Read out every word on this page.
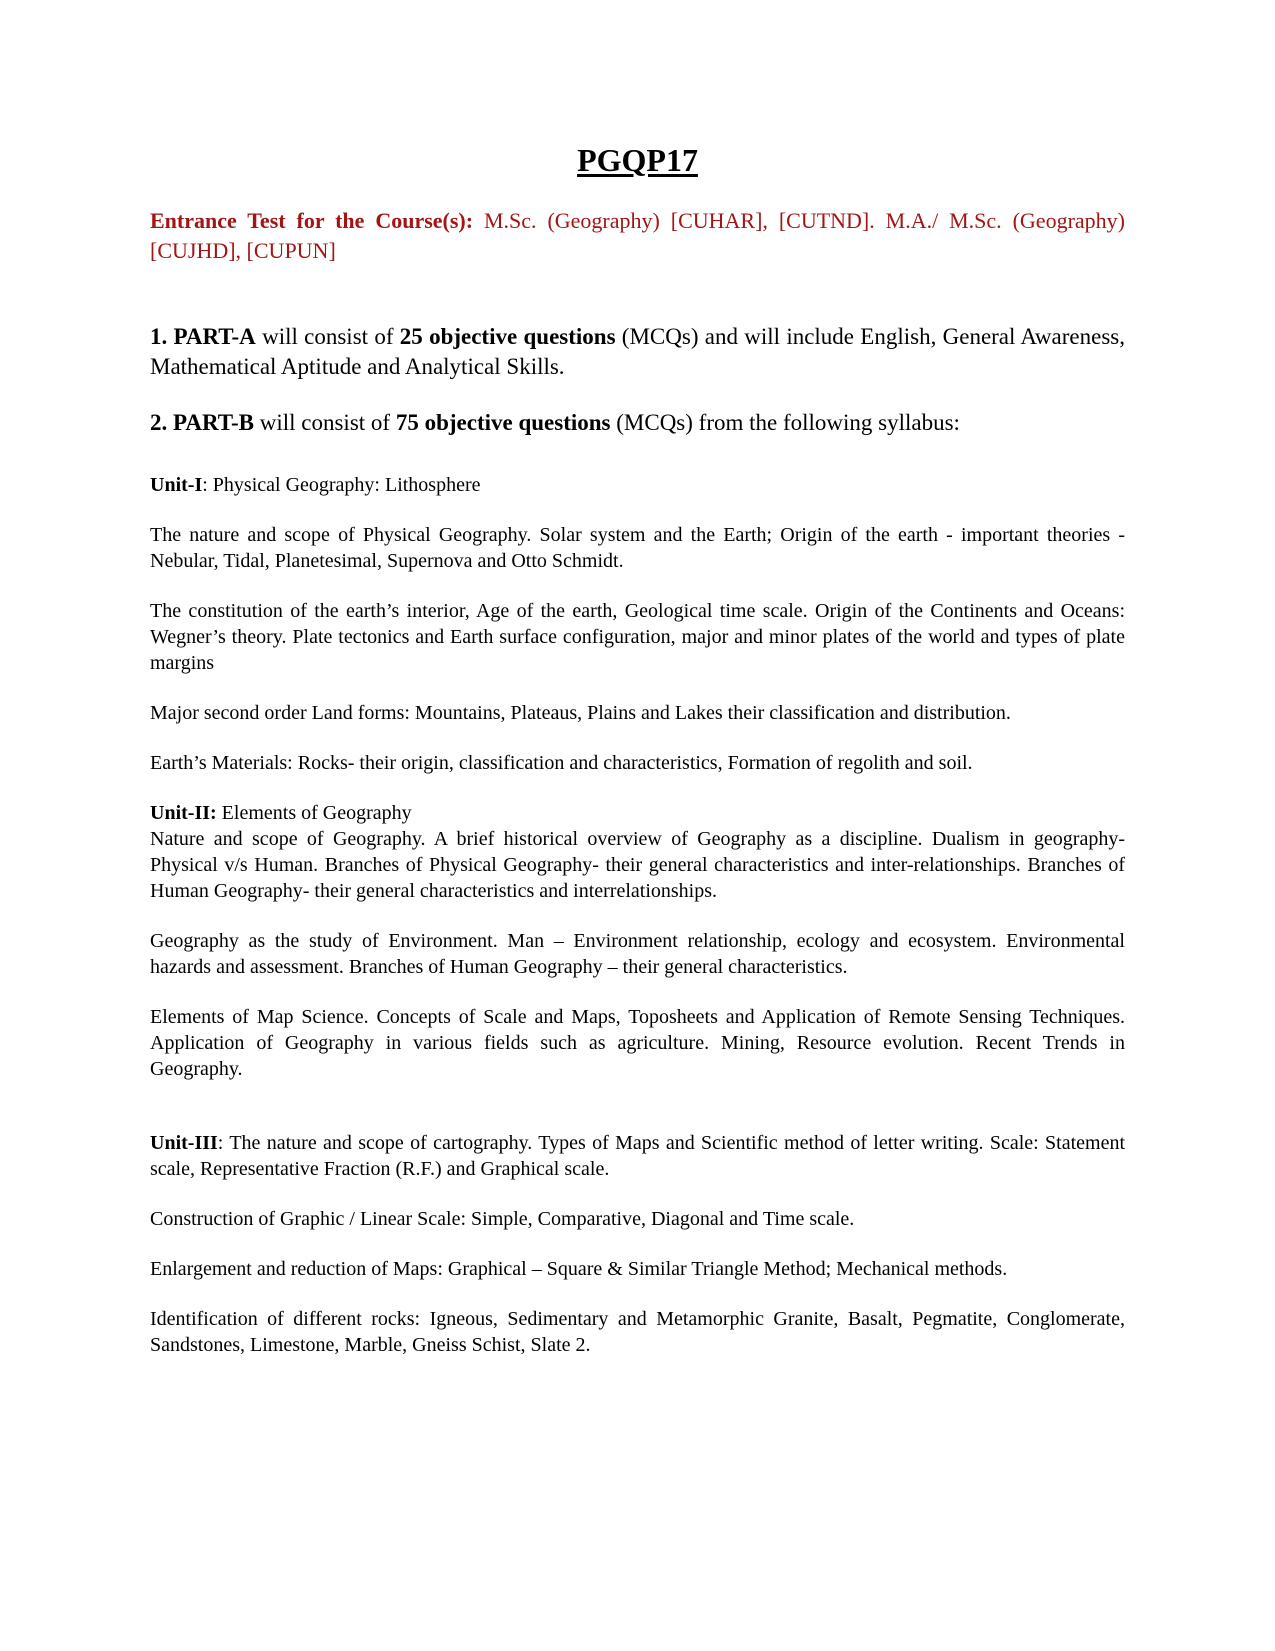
PGQP17

Entrance Test for the Course(s): M.Sc. (Geography) [CUHAR], [CUTND]. M.A./ M.Sc. (Geography) [CUJHD], [CUPUN]

1. PART-A will consist of 25 objective questions (MCQs) and will include English, General Awareness, Mathematical Aptitude and Analytical Skills.

2. PART-B will consist of 75 objective questions (MCQs) from the following syllabus:

Unit-I: Physical Geography: Lithosphere

The nature and scope of Physical Geography. Solar system and the Earth; Origin of the earth - important theories - Nebular, Tidal, Planetesimal, Supernova and Otto Schmidt.

The constitution of the earth’s interior, Age of the earth, Geological time scale. Origin of the Continents and Oceans: Wegner’s theory. Plate tectonics and Earth surface configuration, major and minor plates of the world and types of plate margins

Major second order Land forms: Mountains, Plateaus, Plains and Lakes their classification and distribution.

Earth’s Materials: Rocks- their origin, classification and characteristics, Formation of regolith and soil.

Unit-II: Elements of Geography

Nature and scope of Geography. A brief historical overview of Geography as a discipline. Dualism in geography- Physical v/s Human. Branches of Physical Geography- their general characteristics and inter-relationships. Branches of Human Geography- their general characteristics and interrelationships.

Geography as the study of Environment. Man – Environment relationship, ecology and ecosystem. Environmental hazards and assessment. Branches of Human Geography – their general characteristics.

Elements of Map Science. Concepts of Scale and Maps, Toposheets and Application of Remote Sensing Techniques. Application of Geography in various fields such as agriculture. Mining, Resource evolution. Recent Trends in Geography.

Unit-III: The nature and scope of cartography. Types of Maps and Scientific method of letter writing. Scale: Statement scale, Representative Fraction (R.F.) and Graphical scale.

Construction of Graphic / Linear Scale: Simple, Comparative, Diagonal and Time scale.

Enlargement and reduction of Maps: Graphical – Square & Similar Triangle Method; Mechanical methods.

Identification of different rocks: Igneous, Sedimentary and Metamorphic Granite, Basalt, Pegmatite, Conglomerate, Sandstones, Limestone, Marble, Gneiss Schist, Slate 2.
